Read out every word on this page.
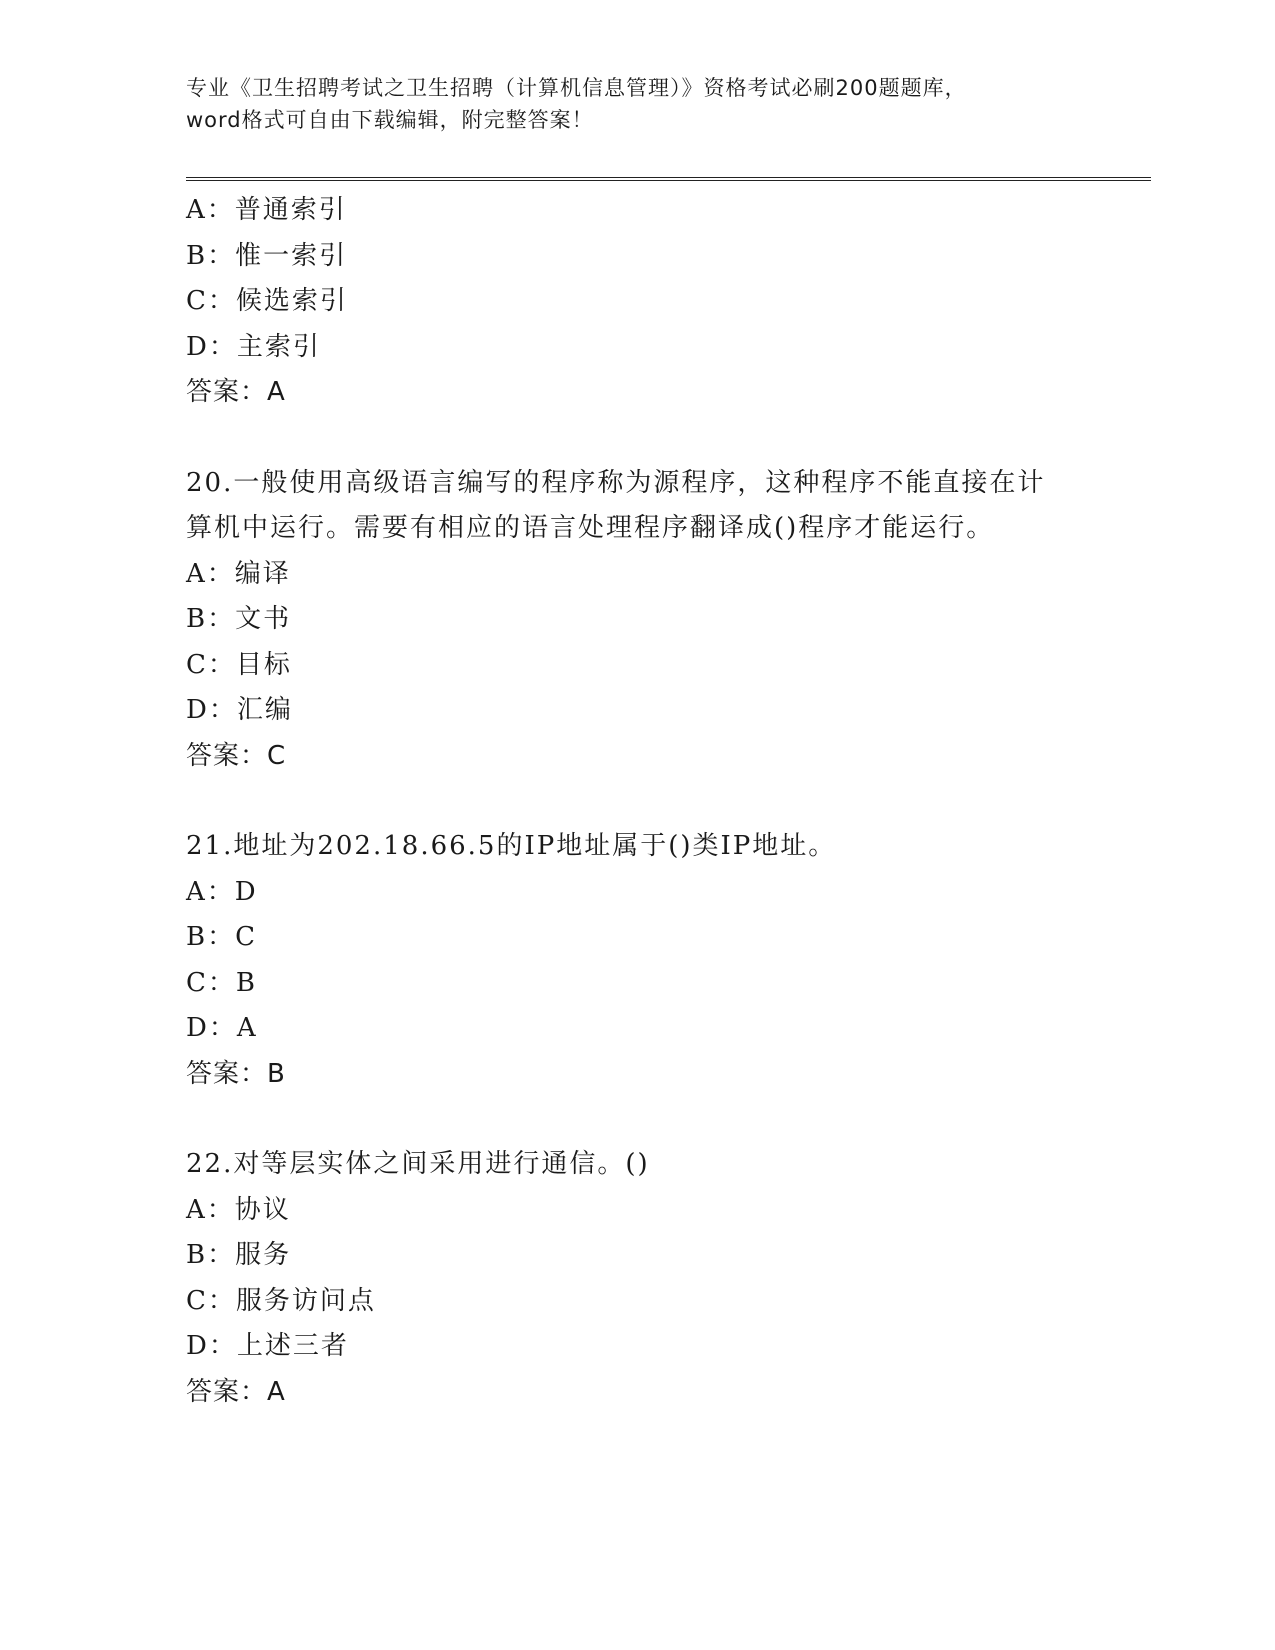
专业《卫生招聘考试之卫生招聘（计算机信息管理）》资格考试必刷200题题库，
word格式可自由下载编辑，附完整答案！
A：普通索引
B：惟一索引
C：候选索引
D：主索引
答案：A
20.一般使用高级语言编写的程序称为源程序，这种程序不能直接在计
算机中运行。需要有相应的语言处理程序翻译成()程序才能运行。
A：编译
B：文书
C：目标
D：汇编
答案：C
21.地址为202.18.66.5的IP地址属于()类IP地址。
A：D
B：C
C：B
D：A
答案：B
22.对等层实体之间采用进行通信。()
A：协议
B：服务
C：服务访问点
D：上述三者
答案：A
